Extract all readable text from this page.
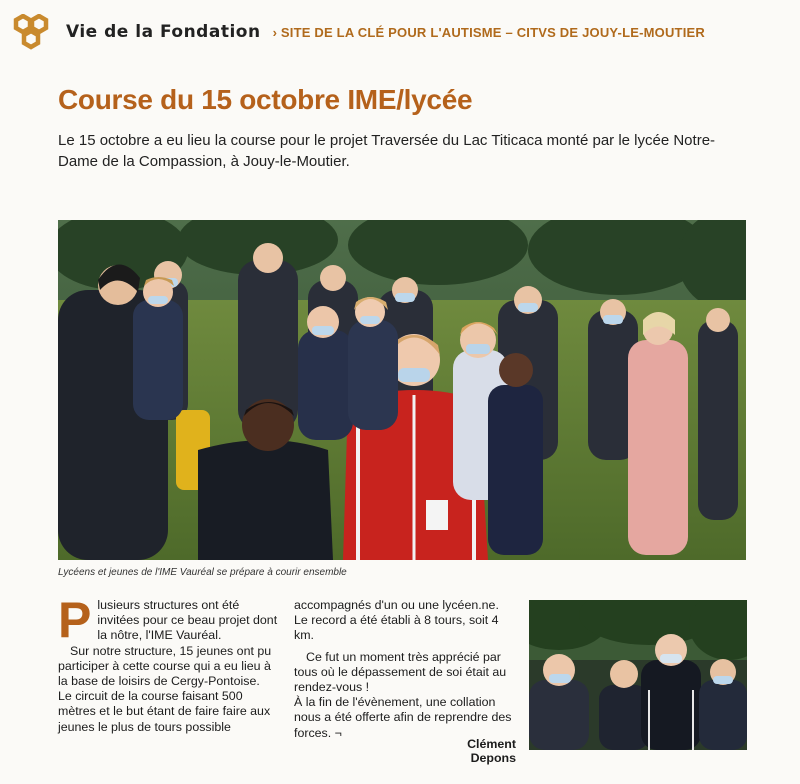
Vie de la Fondation › SITE DE LA CLÉ POUR L'AUTISME – CITVS DE JOUY-LE-MOUTIER
Course du 15 octobre IME/lycée

Le 15 octobre a eu lieu la course pour le projet Traversée du Lac Titicaca monté par le lycée Notre-Dame de la Compassion, à Jouy-le-Moutier.

Lycéens et jeunes de l'IME Vauréal se prépare à courir ensemble
P lusieurs structures ont été invitées pour ce beau projet dont la nôtre, l'IME Vauréal.

Sur notre structure, 15 jeunes ont pu participer à cette course qui a eu lieu à la base de loisirs de Cergy-Pontoise.

Le circuit de la course faisant 500 mètres et le but étant de faire faire aux jeunes le plus de tours possible accompagnés d'un ou une lycéen.ne. Le record a été établi à 8 tours, soit 4 km.

Ce fut un moment très apprécié par tous où le dépassement de soi était au rendez-vous !

À la fin de l'évènement, une collation nous a été offerte afin de reprendre des forces. ¬

Clément Depons
